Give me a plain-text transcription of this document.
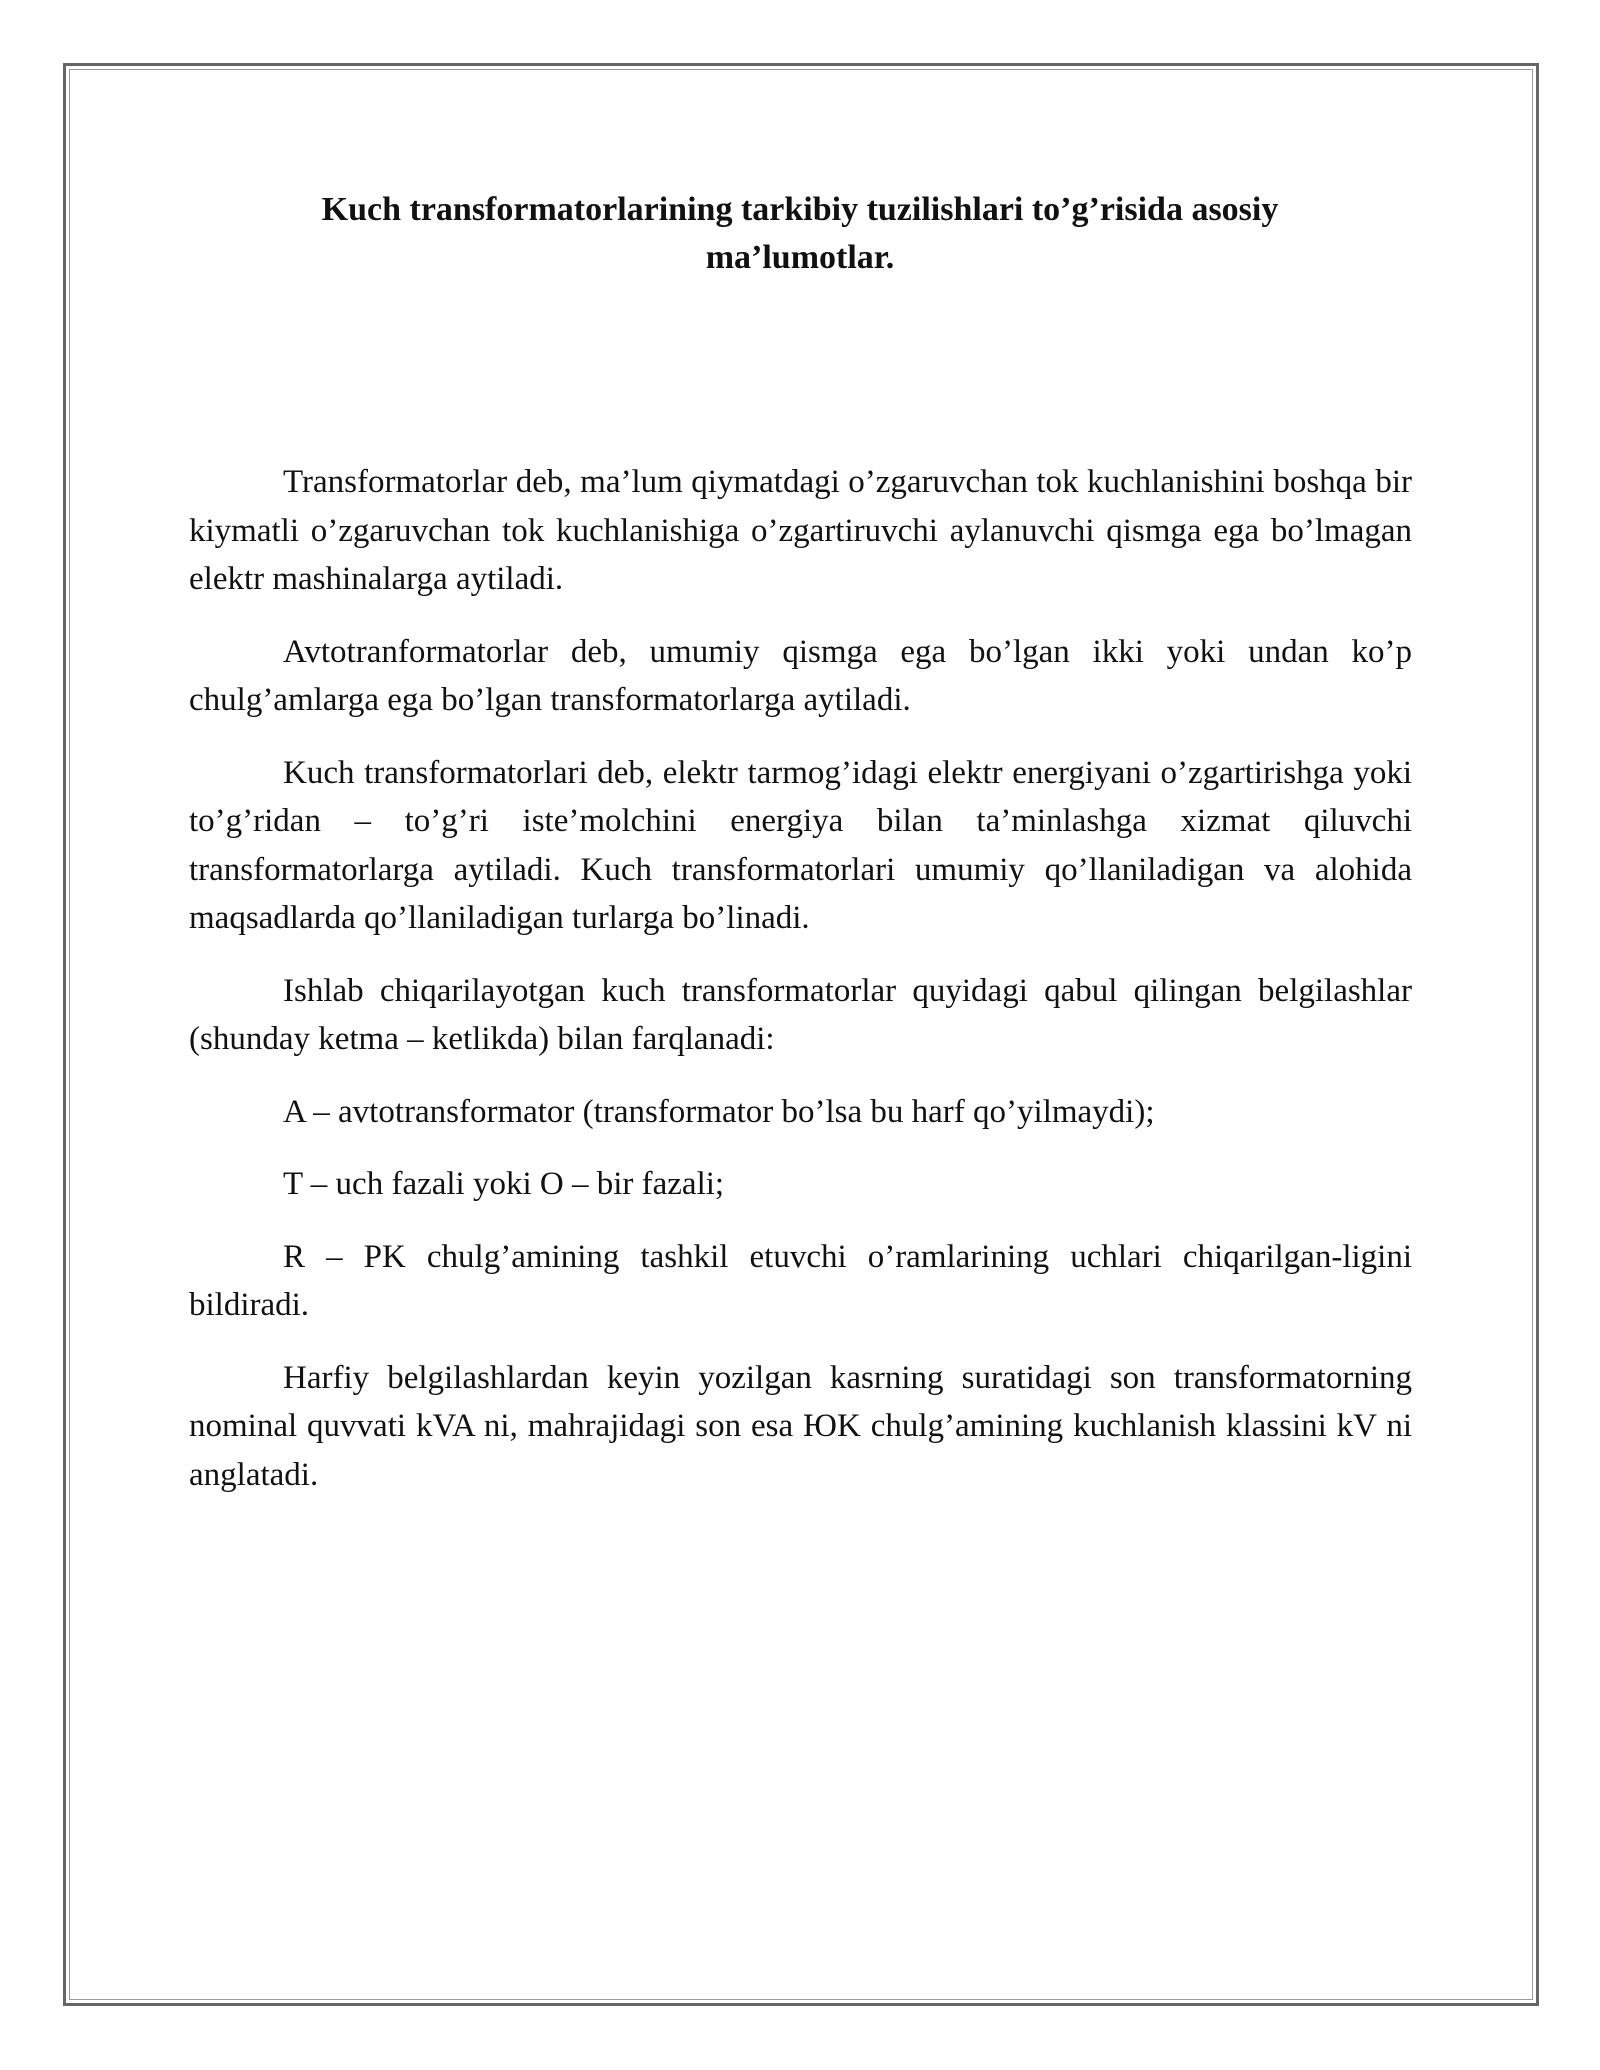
Kuch transformatorlarining tarkibiy tuzilishlari to’g’risida asosiy
ma’lumotlar.

Transformatorlar deb, ma’lum qiymatdagi o’zgaruvchan tok kuchlanishini boshqa bir kiymatli o’zgaruvchan tok kuchlanishiga o’zgartiruvchi aylanuvchi qismga ega bo’lmagan elektr mashinalarga aytiladi.

Avtotranformatorlar deb, umumiy qismga ega bo’lgan ikki yoki undan ko’p chulg’amlarga ega bo’lgan transformatorlarga aytiladi.

Kuch transformatorlari deb, elektr tarmog’idagi elektr energiyani o’zgartirishga yoki to’g’ridan – to’g’ri iste’molchini energiya bilan ta’minlashga xizmat qiluvchi transformatorlarga aytiladi. Kuch transformatorlari umumiy qo’llaniladigan va alohida maqsadlarda qo’llaniladigan turlarga bo’linadi.

Ishlab chiqarilayotgan kuch transformatorlar quyidagi qabul qilingan belgilashlar (shunday ketma – ketlikda) bilan farqlanadi:

A – avtotransformator (transformator bo’lsa bu harf qo’yilmaydi);

T – uch fazali yoki O – bir fazali;

R – PK chulg’amining tashkil etuvchi o’ramlarining uchlari chiqarilgan-ligini bildiradi.

Harfiy belgilashlardan keyin yozilgan kasrning suratidagi son transformatorning nominal quvvati kVA ni, mahrajidagi son esa ЮK chulg’amining kuchlanish klassini kV ni anglatadi.
